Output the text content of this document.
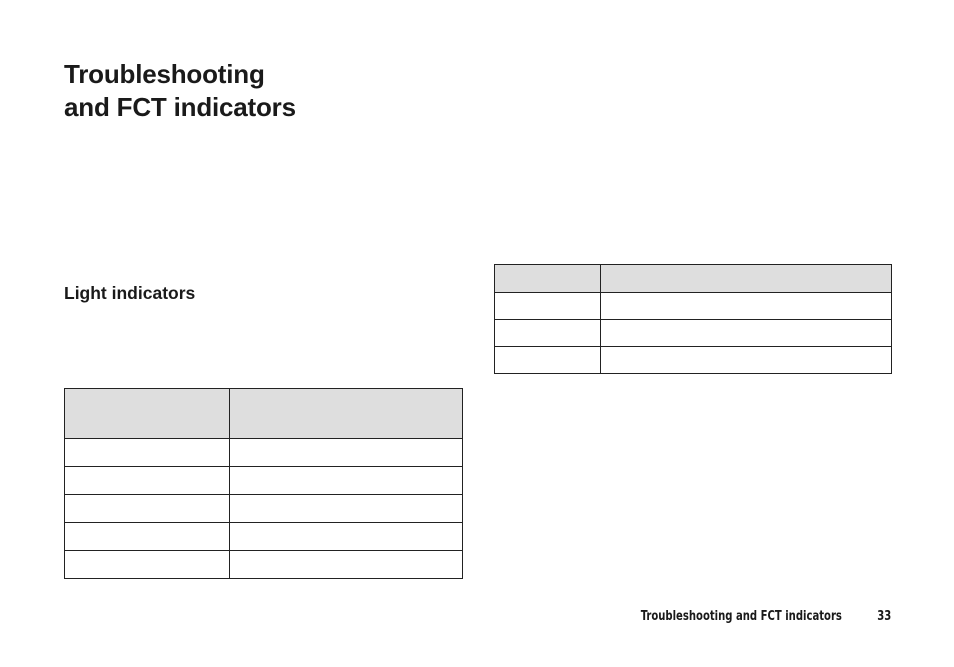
Troubleshooting
and FCT indicators
Light indicators

Troubleshooting and FCT indicators	33
